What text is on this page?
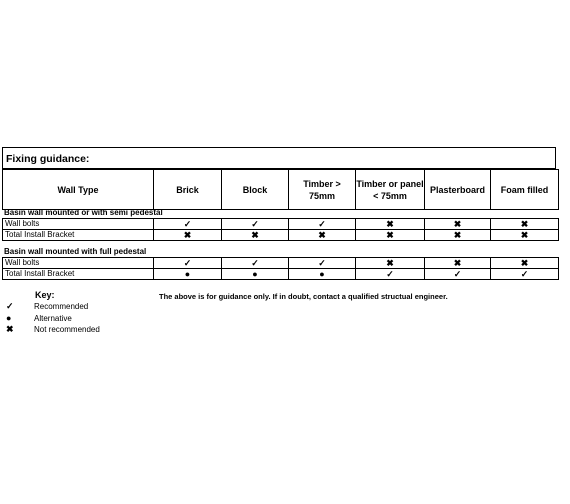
Fixing guidance:
Wall Type	Brick	Block	Timber > 75mm	Timber or panel < 75mm	Plasterboard	Foam filled
Basin wall mounted or with semi pedestal
Wall bolts	✓	✓	✓	✖	✖	✖
Total Install Bracket	✖	✖	✖	✖	✖	✖
Basin wall mounted with full pedestal
Wall bolts	✓	✓	✓	✖	✖	✖
Total Install Bracket	●	●	●	✓	✓	✓
Key:
✓	Recommended
●	Alternative
✖	Not recommended
The above is for guidance only. If in doubt, contact a qualified structual engineer.
